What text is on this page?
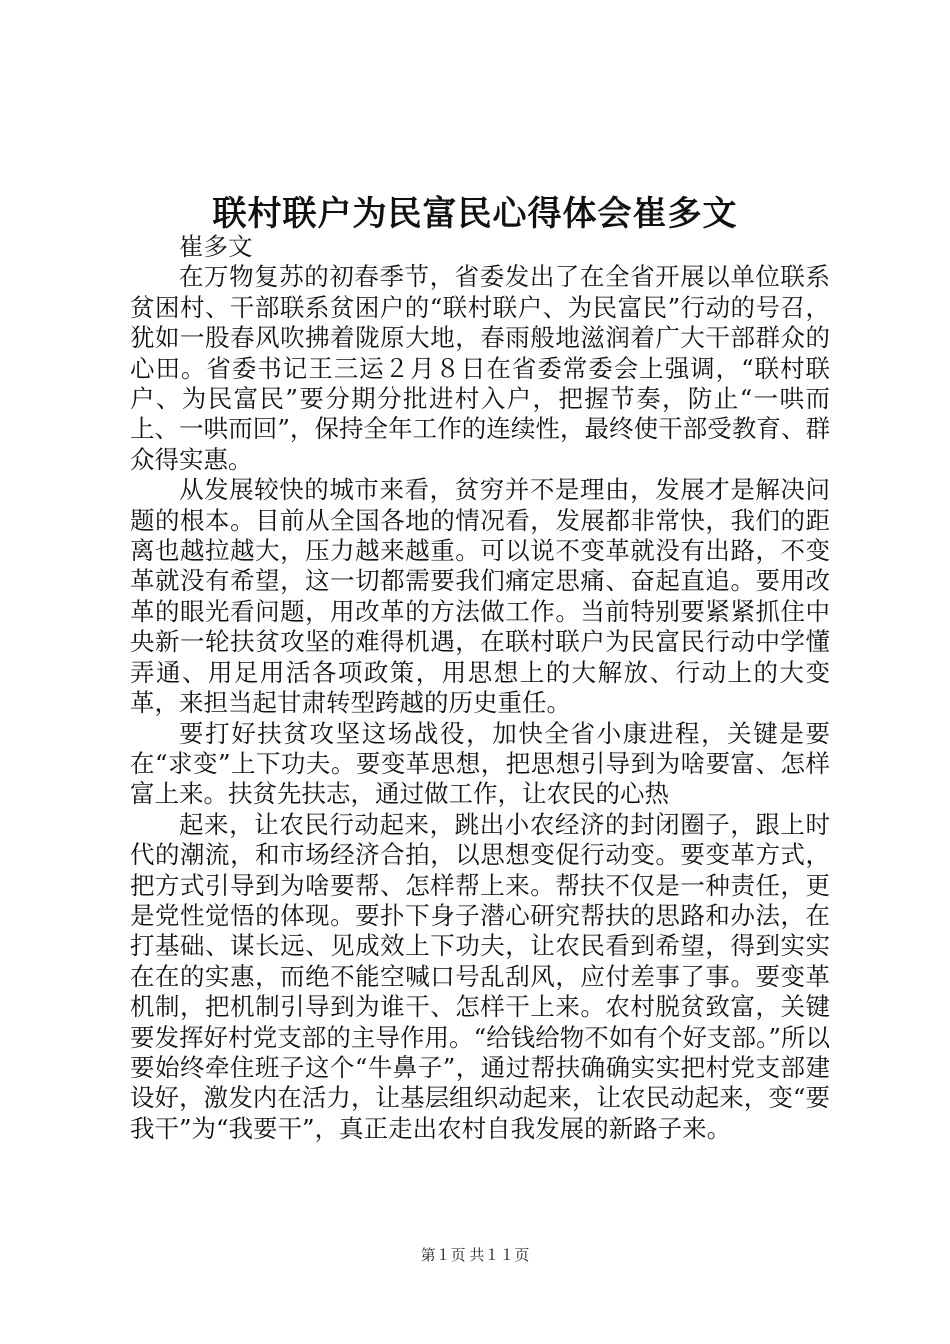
联村联户为民富民心得体会崔多文

崔多文

在万物复苏的初春季节，省委发出了在全省开展以单位联系贫困村、干部联系贫困户的“联村联户、为民富民”行动的号召，犹如一股春风吹拂着陇原大地，春雨般地滋润着广大干部群众的心田。省委书记王三运２月８日在省委常委会上强调，“联村联户、为民富民”要分期分批进村入户，把握节奏，防止“一哄而上、一哄而回”，保持全年工作的连续性，最终使干部受教育、群众得实惠。

从发展较快的城市来看，贫穷并不是理由，发展才是解决问题的根本。目前从全国各地的情况看，发展都非常快，我们的距离也越拉越大，压力越来越重。可以说不变革就没有出路，不变革就没有希望，这一切都需要我们痛定思痛、奋起直追。要用改革的眼光看问题，用改革的方法做工作。当前特别要紧紧抓住中央新一轮扶贫攻坚的难得机遇，在联村联户为民富民行动中学懂弄通、用足用活各项政策，用思想上的大解放、行动上的大变革，来担当起甘肃转型跨越的历史重任。

要打好扶贫攻坚这场战役，加快全省小康进程，关键是要在“求变”上下功夫。要变革思想，把思想引导到为啥要富、怎样富上来。扶贫先扶志，通过做工作，让农民的心热

起来，让农民行动起来，跳出小农经济的封闭圈子，跟上时代的潮流，和市场经济合拍，以思想变促行动变。要变革方式，把方式引导到为啥要帮、怎样帮上来。帮扶不仅是一种责任，更是党性觉悟的体现。要扑下身子潜心研究帮扶的思路和办法，在打基础、谋长远、见成效上下功夫，让农民看到希望，得到实实在在的实惠，而绝不能空喊口号乱刮风，应付差事了事。要变革机制，把机制引导到为谁干、怎样干上来。农村脱贫致富，关键要发挥好村党支部的主导作用。“给钱给物不如有个好支部。”所以要始终牵住班子这个“牛鼻子”，通过帮扶确确实实把村党支部建设好，激发内在活力，让基层组织动起来，让农民动起来，变“要我干”为“我要干”，真正走出农村自我发展的新路子来。

第１页 共１１页
